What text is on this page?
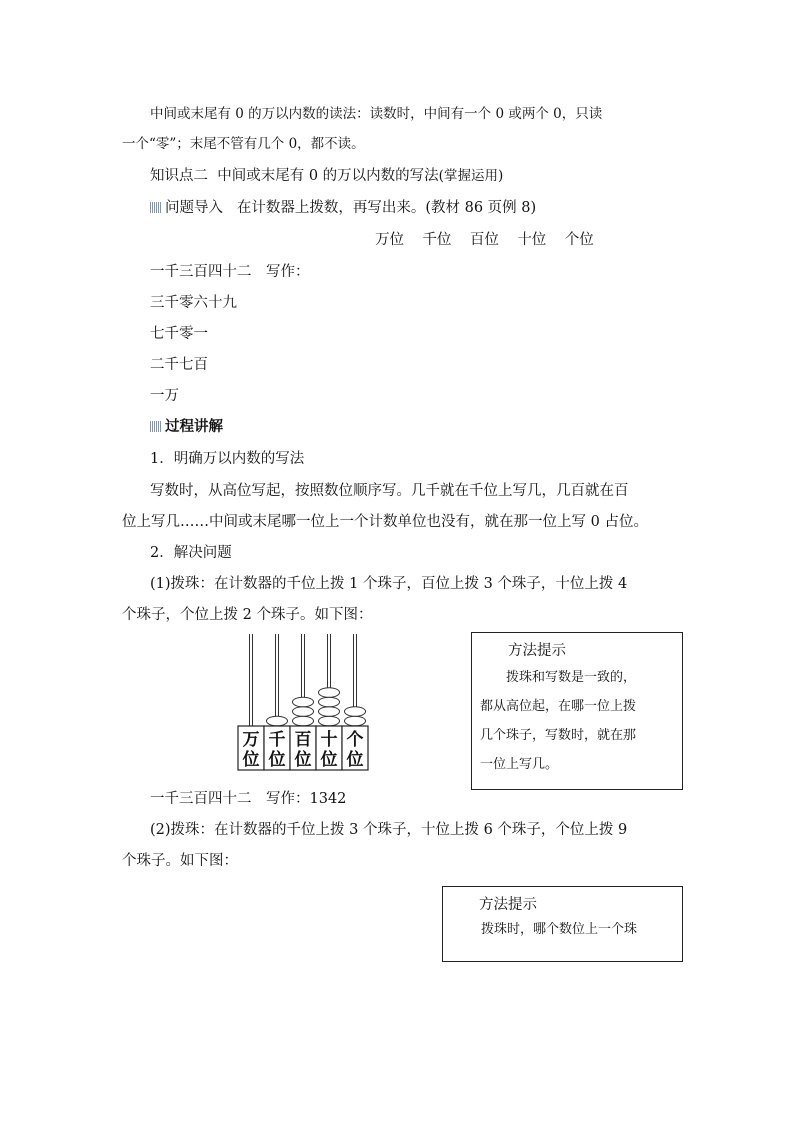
中间或末尾有 0 的万以内数的读法：读数时，中间有一个 0 或两个 0，只读
一个“零”；末尾不管有几个 0，都不读。
知识点二 中间或末尾有 0 的万以内数的写法(掌握运用)
问题导入 在计数器上拨数，再写出来。(教材 86 页例 8)
万位 千位 百位 十位 个位
一千三百四十二　写作：
三千零六十九
七千零一
二千七百
一万
过程讲解
1．明确万以内数的写法
写数时，从高位写起，按照数位顺序写。几千就在千位上写几，几百就在百
位上写几……中间或末尾哪一位上一个计数单位也没有，就在那一位上写 0 占位。
2．解决问题
(1)拨珠：在计数器的千位上拨 1 个珠子，百位上拨 3 个珠子，十位上拨 4
个珠子，个位上拨 2 个珠子。如下图：
万
位
千
位
百
位
十
位
个
位
方法提示
拨珠和写数是一致的，
都从高位起，在哪一位上拨
几个珠子，写数时，就在那
一位上写几。
一千三百四十二　写作：1342
(2)拨珠：在计数器的千位上拨 3 个珠子，十位上拨 6 个珠子，个位上拨 9
个珠子。如下图：
方法提示
拨珠时，哪个数位上一个珠
